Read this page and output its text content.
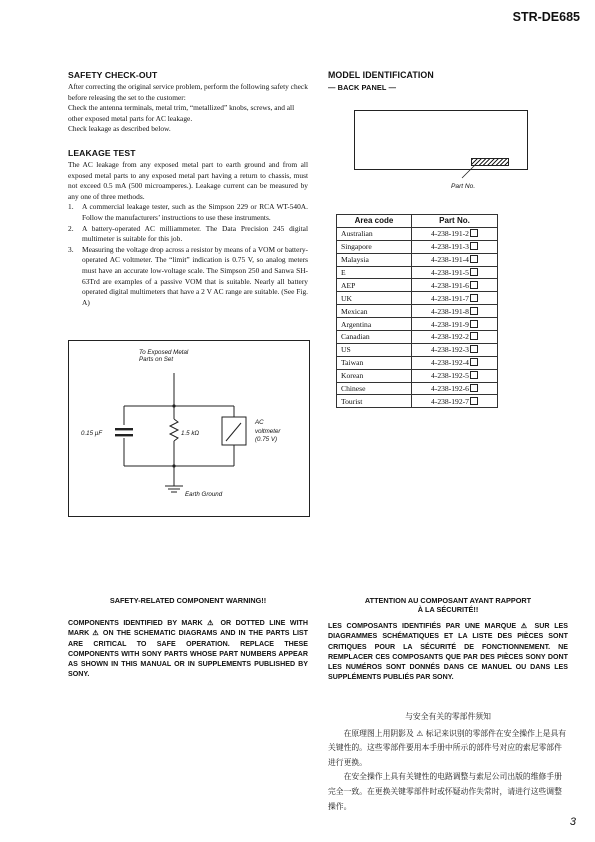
STR-DE685

SAFETY CHECK-OUT

After correcting the original service problem, perform the following safety check before releasing the set to the customer:

Check the antenna terminals, metal trim, “metallized” knobs, screws, and all other exposed metal parts for AC leakage.

Check leakage as described below.

LEAKAGE TEST

The AC leakage from any exposed metal part to earth ground and from all exposed metal parts to any exposed metal part having a return to chassis, must not exceed 0.5 mA (500 microamperes.). Leakage current can be measured by any one of three methods.

1. A commercial leakage tester, such as the Simpson 229 or RCA WT-540A. Follow the manufacturers’ instructions to use these instruments.
2. A battery-operated AC milliammeter. The Data Precision 245 digital multimeter is suitable for this job.
3. Measuring the voltage drop across a resistor by means of a VOM or battery-operated AC voltmeter. The “limit” indication is 0.75 V, so analog meters must have an accurate low-voltage scale. The Simpson 250 and Sanwa SH-63Trd are examples of a passive VOM that is suitable. Nearly all battery operated digital multimeters that have a 2 V AC range are suitable. (See Fig. A)
To Exposed Metal
Parts on Set
0.15 µF	1.5 kΩ
AC
voltmeter
(0.75 V)
Earth Ground

MODEL IDENTIFICATION

— BACK PANEL —

Part No.
Area code	Part No.
Australian	4-238-191-2
Singapore	4-238-191-3
Malaysia	4-238-191-4
E	4-238-191-5
AEP	4-238-191-6
UK	4-238-191-7
Mexican	4-238-191-8
Argentina	4-238-191-9
Canadian	4-238-192-2
US	4-238-192-3
Taiwan	4-238-192-4
Korean	4-238-192-5
Chinese	4-238-192-6
Tourist	4-238-192-7

SAFETY-RELATED COMPONENT WARNING!!

COMPONENTS IDENTIFIED BY MARK ⚠ OR DOTTED LINE WITH MARK ⚠ ON THE SCHEMATIC DIAGRAMS AND IN THE PARTS LIST ARE CRITICAL TO SAFE OPERATION. REPLACE THESE COMPONENTS WITH SONY PARTS WHOSE PART NUMBERS APPEAR AS SHOWN IN THIS MANUAL OR IN SUPPLEMENTS PUBLISHED BY SONY.

ATTENTION AU COMPOSANT AYANT RAPPORT
À LA SÉCURITÉ!!

LES COMPOSANTS IDENTIFIÉS PAR UNE MARQUE ⚠ SUR LES DIAGRAMMES SCHÉMATIQUES ET LA LISTE DES PIÈCES SONT CRITIQUES POUR LA SÉCURITÉ DE FONCTIONNEMENT. NE REMPLACER CES COMPOSANTS QUE PAR DES PIÈCES SONY DONT LES NUMÉROS SONT DONNÉS DANS CE MANUEL OU DANS LES SUPPLÉMENTS PUBLIÉS PAR SONY.

与安全有关的零部件须知

在原理图上用阴影及 ⚠ 标记来识别的零部件在安全操作上是具有关键性的。这些零部件要用本手册中所示的部件号对应的索尼零部件进行更换。

在安全操作上具有关键性的电路调整与索尼公司出版的维修手册完全一致。在更换关键零部件时或怀疑动作失常时，请进行这些调整操作。

3
